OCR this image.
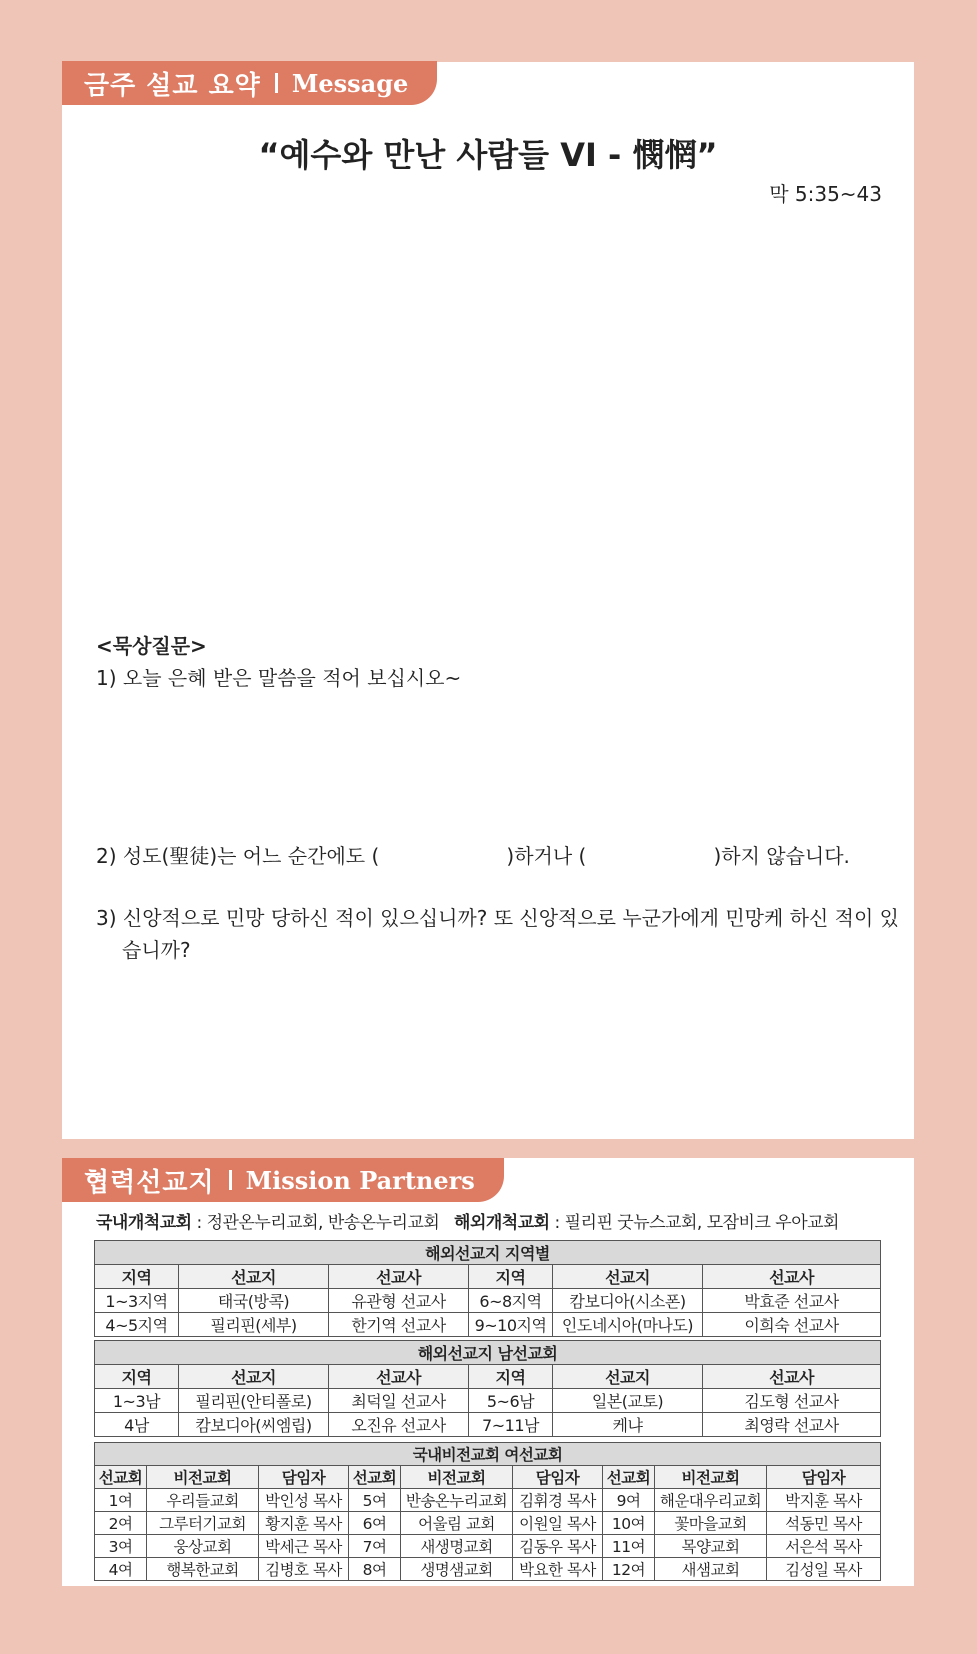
금주 설교 요약 Message
“예수와 만난 사람들 VI - 憫惘”
막 5:35~43
<묵상질문>
1) 오늘 은혜 받은 말씀을 적어 보십시오~
2) 성도(聖徒)는 어느 순간에도 (                    )하거나 (                    )하지 않습니다.
3) 신앙적으로 민망 당하신 적이 있으십니까? 또 신앙적으로 누군가에게 민망케 하신 적이 있습니까?
협력선교지 Mission Partners
국내개척교회 : 정관온누리교회, 반송온누리교회 해외개척교회 : 필리핀 굿뉴스교회, 모잠비크 우아교회
해외선교지 지역별					
지역	선교지	선교사	지역	선교지	선교사
1~3지역	태국(방콕)	유관형 선교사	6~8지역	캄보디아(시소폰)	박효준 선교사
4~5지역	필리핀(세부)	한기역 선교사	9~10지역	인도네시아(마나도)	이희숙 선교사
해외선교지 남선교회					
지역	선교지	선교사	지역	선교지	선교사
1~3남	필리핀(안티폴로)	최덕일 선교사	5~6남	일본(교토)	김도형 선교사
4남	캄보디아(씨엠립)	오진유 선교사	7~11남	케냐	최영락 선교사
국내비전교회 여선교회								
선교회	비전교회	담임자	선교회	비전교회	담임자	선교회	비전교회	담임자
1여	우리들교회	박인성 목사	5여	반송온누리교회	김휘경 목사	9여	해운대우리교회	박지훈 목사
2여	그루터기교회	황지훈 목사	6여	어울림 교회	이원일 목사	10여	꽃마을교회	석동민 목사
3여	웅상교회	박세근 목사	7여	새생명교회	김동우 목사	11여	목양교회	서은석 목사
4여	행복한교회	김병호 목사	8여	생명샘교회	박요한 목사	12여	새샘교회	김성일 목사
